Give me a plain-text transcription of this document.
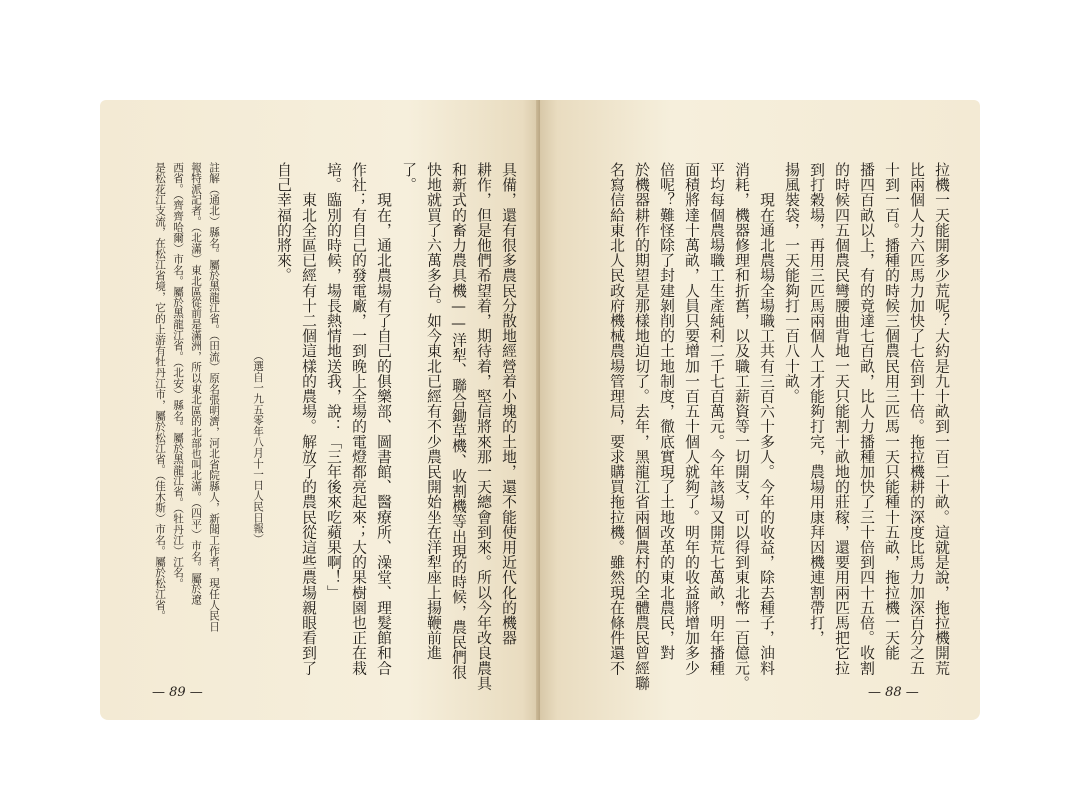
具備，還有很多農民分散地經營着小塊的土地，還不能使用近代化的機器
耕作，但是他們希望着，期待着，堅信將來那一天總會到來。所以今年改良農具
和新式的畜力農具機——洋犁、聯合鋤草機、收割機等出現的時候，農民們很
快地就買了六萬多台。如今東北已經有不少農民開始坐在洋犁座上揚鞭前進
了。
　　現在，通北農場有了自己的俱樂部、圖書館、醫療所、澡堂、理髮館和合
作社；有自己的發電廠，一到晚上全場的電燈都亮起來；大的果樹園也正在栽
培。臨別的時候，場長熱情地送我，說：「三年後來吃蘋果啊！」
　　東北全區已經有十二個這樣的農場。解放了的農民從這些農場親眼看到了
自己幸福的將來。
（選自一九五零年八月十一日人民日報）
註解（通北）縣名。屬於黑龍江省。（田流）原名張明濟，河北省院縣人，新聞工作者，現任人民日
報特派記者。（北滿）東北區從前是滿洲，所以東北區的北部也叫北滿。（四平）市名。屬於遼
西省。（齊齊哈爾）市名。屬於黑龍江省。（北安）縣名。屬於黑龍江省。（牡丹江）江名。
是松花江支流，在松江省境，它的上游有牡丹江市，屬於松江省。（佳木斯）市名。屬於松江省。
— 89 —
拉機一天能開多少荒呢？大約是九十畝到一百二十畝。這就是說，拖拉機開荒
比兩個人力六匹馬力加快了七倍到十倍。拖拉機耕的深度比馬力加深百分之五
十到一百。播種的時候三個農民用三匹馬一天只能種十五畝，拖拉機一天能
播四百畝以上，有的竟達七百畝，比人力播種加快了三十倍到四十五倍。收割
的時候四五個農民彎腰曲背地一天只能割十畝地的莊稼，還要用兩匹馬把它拉
到打穀場，再用三匹馬兩個人工才能夠打完，農場用康拜因機連割帶打，
揚風裝袋，一天能夠打一百八十畝。
　　現在通北農場全場職工共有三百六十多人。今年的收益，除去種子，油料
消耗，機器修理和折舊，以及職工薪資等一切開支，可以得到東北幣一百億元。
平均每個農場職工生產純利二千七百萬元。今年該場又開荒七萬畝，明年播種
面積將達十萬畝，人員只要增加一百五十個人就夠了。明年的收益將增加多少
倍呢？難怪除了封建剝削的土地制度，徹底實現了土地改革的東北農民，對
於機器耕作的期望是那樣地迫切了。去年，黑龍江省兩個農村的全體農民曾經聯
名寫信給東北人民政府機械農場管理局，要求購買拖拉機。雖然現在條件還不
— 88 —
